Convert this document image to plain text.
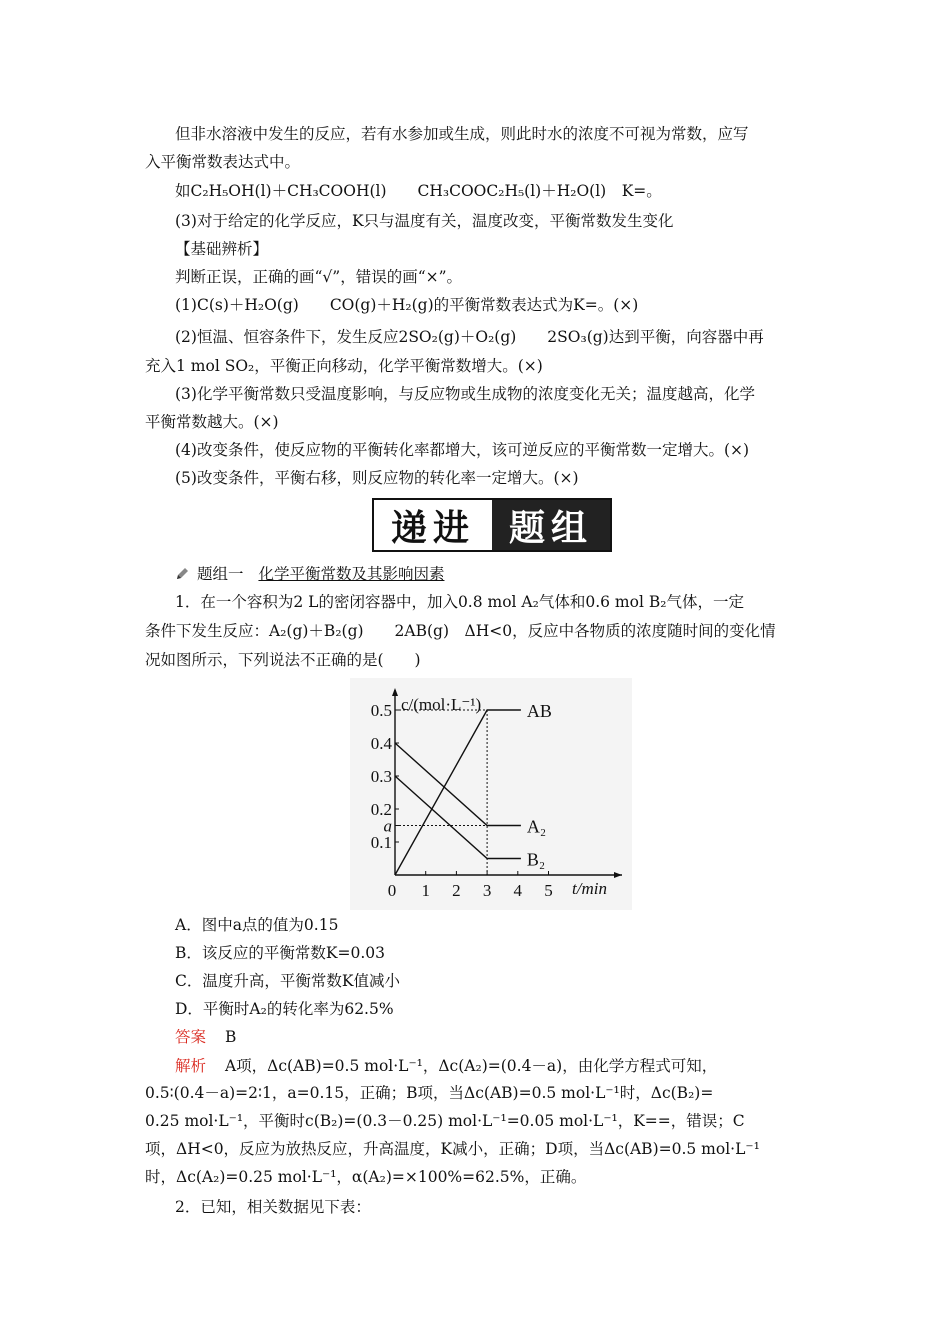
但非水溶液中发生的反应，若有水参加或生成，则此时水的浓度不可视为常数，应写
入平衡常数表达式中。
如C₂H₅OH(l)＋CH₃COOH(l)　　CH₃COOC₂H₅(l)＋H₂O(l)　K=。
(3)对于给定的化学反应，K只与温度有关，温度改变，平衡常数发生变化
【基础辨析】
判断正误，正确的画“√”，错误的画“×”。
(1)C(s)＋H₂O(g)　　CO(g)＋H₂(g)的平衡常数表达式为K=。(×)
(2)恒温、恒容条件下，发生反应2SO₂(g)＋O₂(g)　　2SO₃(g)达到平衡，向容器中再
充入1 mol SO₂，平衡正向移动，化学平衡常数增大。(×)
(3)化学平衡常数只受温度影响，与反应物或生成物的浓度变化无关；温度越高，化学
平衡常数越大。(×)
(4)改变条件，使反应物的平衡转化率都增大，该可逆反应的平衡常数一定增大。(×)
(5)改变条件，平衡右移，则反应物的转化率一定增大。(×)
递进 题组
题组一 化学平衡常数及其影响因素
1．在一个容积为2 L的密闭容器中，加入0.8 mol A₂气体和0.6 mol B₂气体，一定
条件下发生反应：A₂(g)＋B₂(g)　　2AB(g)　ΔH<0，反应中各物质的浓度随时间的变化情
况如图所示，下列说法不正确的是(　　)
c/(mol·L⁻¹)
t/min
0 1 2 3 4 5
0.1
a
0.2
0.3
0.4
0.5	AB
A₂
B₂
A．图中a点的值为0.15
B．该反应的平衡常数K=0.03
C．温度升高，平衡常数K值减小
D．平衡时A₂的转化率为62.5%
答案 B
解析 A项，Δc(AB)=0.5 mol·L⁻¹，Δc(A₂)=(0.4－a)，由化学方程式可知，
0.5∶(0.4－a)=2∶1，a=0.15，正确；B项，当Δc(AB)=0.5 mol·L⁻¹时，Δc(B₂)=
0.25 mol·L⁻¹，平衡时c(B₂)=(0.3－0.25) mol·L⁻¹=0.05 mol·L⁻¹，K==，错误；C
项，ΔH<0，反应为放热反应，升高温度，K减小，正确；D项，当Δc(AB)=0.5 mol·L⁻¹
时，Δc(A₂)=0.25 mol·L⁻¹，α(A₂)=×100%=62.5%，正确。
2．已知，相关数据见下表：
